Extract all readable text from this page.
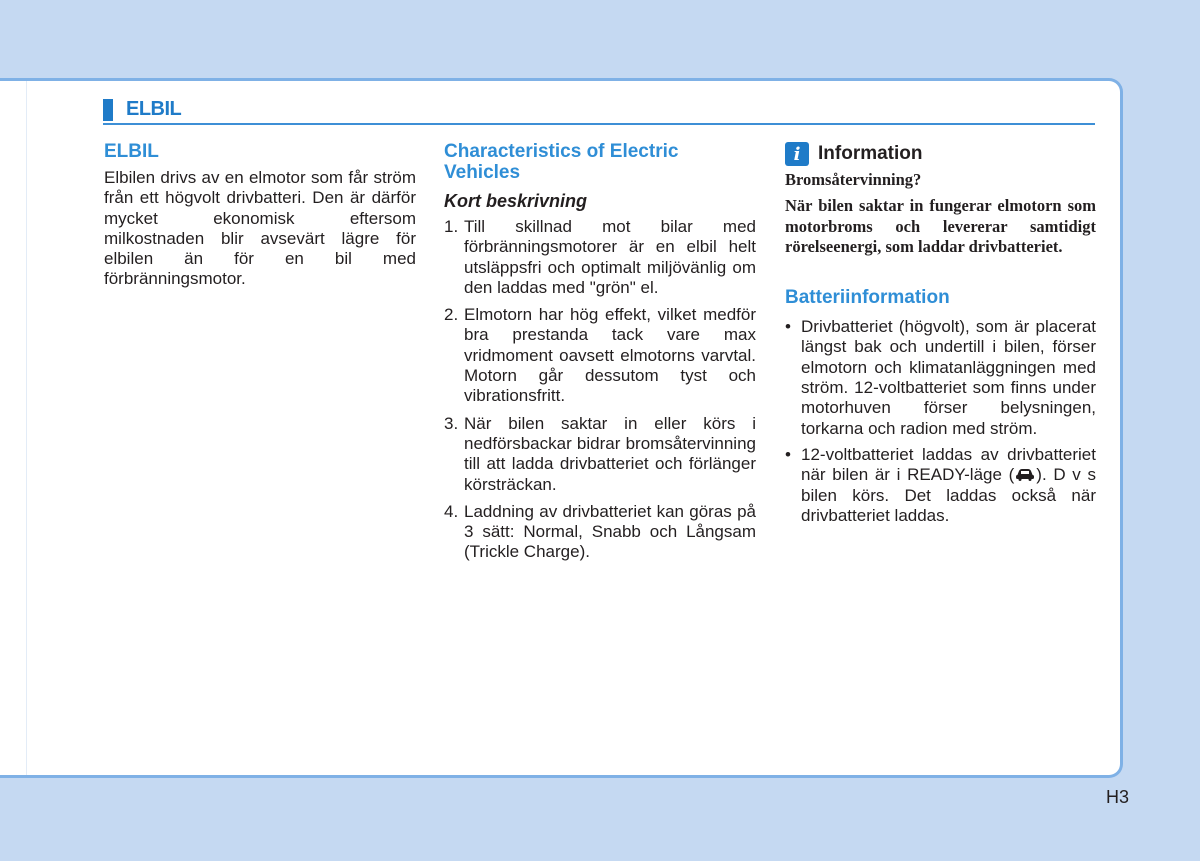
ELBIL
ELBIL

Elbilen drivs av en elmotor som får ström från ett högvolt drivbatteri. Den är därför mycket ekonomisk eftersom milkostnaden blir avsevärt lägre för elbilen än för en bil med förbränningsmotor.

Characteristics of Electric Vehicles
Kort beskrivning
1. Till skillnad mot bilar med förbränningsmotorer är en elbil helt utsläppsfri och optimalt miljövänlig om den laddas med "grön" el.
2. Elmotorn har hög effekt, vilket medför bra prestanda tack vare max vridmoment oavsett elmotorns varvtal. Motorn går dessutom tyst och vibrationsfritt.
3. När bilen saktar in eller körs i nedförsbackar bidrar bromsåtervinning till att ladda drivbatteriet och förlänger körsträckan.
4. Laddning av drivbatteriet kan göras på 3 sätt: Normal, Snabb och Långsam (Trickle Charge).
i Information

Bromsåtervinning?

När bilen saktar in fungerar elmotorn som motorbroms och levererar samtidigt rörelseenergi, som laddar drivbatteriet.

Batteriinformation
• Drivbatteriet (högvolt), som är placerat längst bak och undertill i bilen, förser elmotorn och klimatanläggningen med ström. 12-voltbatteriet som finns under motorhuven förser belysningen, torkarna och radion med ström.
• 12-voltbatteriet laddas av drivbatteriet när bilen är i READY-läge ( ). D v s bilen körs. Det laddas också när drivbatteriet laddas.
H3
